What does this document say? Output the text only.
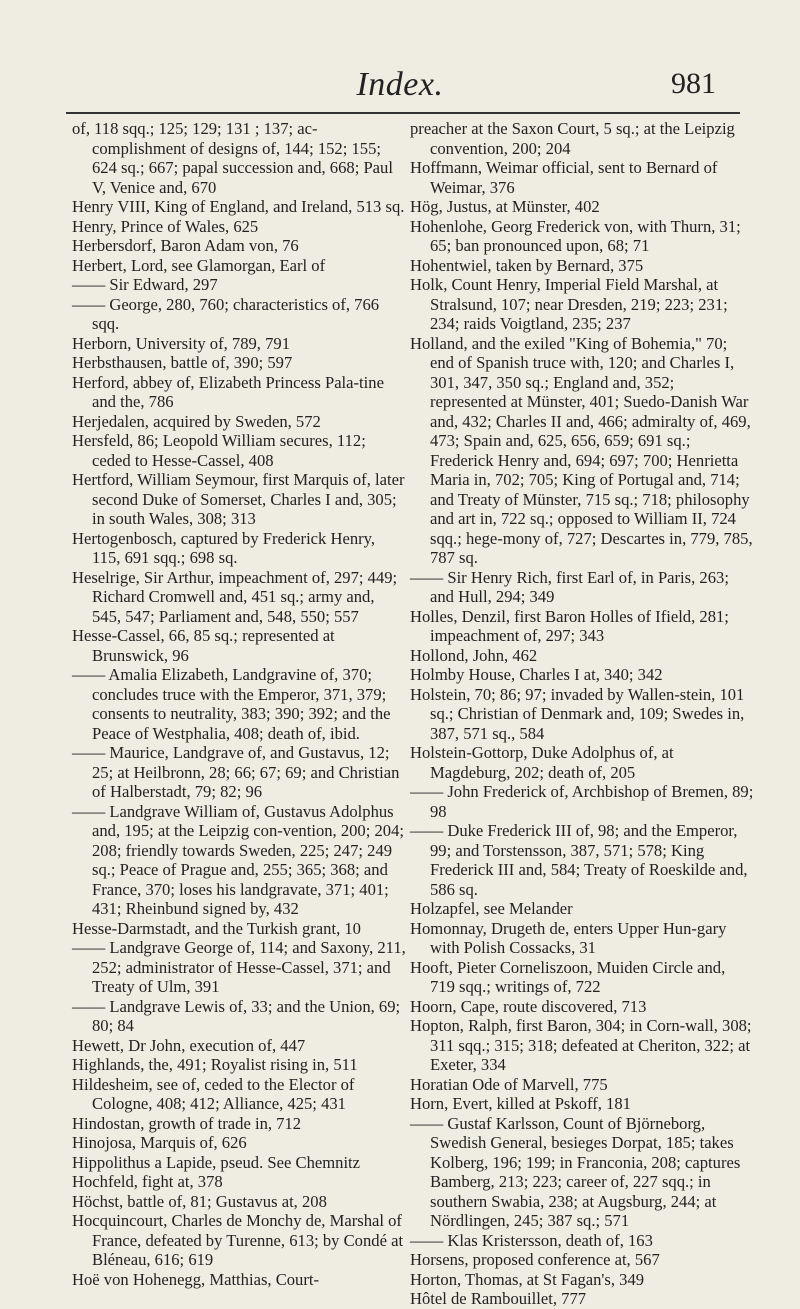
Index.	981

of, 118 sqq.; 125; 129; 131 ; 137; ac-complishment of designs of, 144; 152; 155; 624 sq.; 667; papal succession and, 668; Paul V, Venice and, 670

Henry VIII, King of England, and Ireland, 513 sq.

Henry, Prince of Wales, 625

Herbersdorf, Baron Adam von, 76

Herbert, Lord, see Glamorgan, Earl of

—— Sir Edward, 297

—— George, 280, 760; characteristics of, 766 sqq.

Herborn, University of, 789, 791

Herbsthausen, battle of, 390; 597

Herford, abbey of, Elizabeth Princess Pala-tine and the, 786

Herjedalen, acquired by Sweden, 572

Hersfeld, 86; Leopold William secures, 112; ceded to Hesse-Cassel, 408

Hertford, William Seymour, first Marquis of, later second Duke of Somerset, Charles I and, 305; in south Wales, 308; 313

Hertogenbosch, captured by Frederick Henry, 115, 691 sqq.; 698 sq.

Heselrige, Sir Arthur, impeachment of, 297; 449; Richard Cromwell and, 451 sq.; army and, 545, 547; Parliament and, 548, 550; 557

Hesse-Cassel, 66, 85 sq.; represented at Brunswick, 96

—— Amalia Elizabeth, Landgravine of, 370; concludes truce with the Emperor, 371, 379; consents to neutrality, 383; 390; 392; and the Peace of Westphalia, 408; death of, ibid.

—— Maurice, Landgrave of, and Gustavus, 12; 25; at Heilbronn, 28; 66; 67; 69; and Christian of Halberstadt, 79; 82; 96

—— Landgrave William of, Gustavus Adolphus and, 195; at the Leipzig con-vention, 200; 204; 208; friendly towards Sweden, 225; 247; 249 sq.; Peace of Prague and, 255; 365; 368; and France, 370; loses his landgravate, 371; 401; 431; Rheinbund signed by, 432

Hesse-Darmstadt, and the Turkish grant, 10

—— Landgrave George of, 114; and Saxony, 211, 252; administrator of Hesse-Cassel, 371; and Treaty of Ulm, 391

—— Landgrave Lewis of, 33; and the Union, 69; 80; 84

Hewett, Dr John, execution of, 447

Highlands, the, 491; Royalist rising in, 511

Hildesheim, see of, ceded to the Elector of Cologne, 408; 412; Alliance, 425; 431

Hindostan, growth of trade in, 712

Hinojosa, Marquis of, 626

Hippolithus a Lapide, pseud. See Chemnitz

Hochfeld, fight at, 378

Höchst, battle of, 81; Gustavus at, 208

Hocquincourt, Charles de Monchy de, Marshal of France, defeated by Turenne, 613; by Condé at Bléneau, 616; 619

Hoë von Hohenegg, Matthias, Court-

preacher at the Saxon Court, 5 sq.; at the Leipzig convention, 200; 204

Hoffmann, Weimar official, sent to Bernard of Weimar, 376

Hög, Justus, at Münster, 402

Hohenlohe, Georg Frederick von, with Thurn, 31; 65; ban pronounced upon, 68; 71

Hohentwiel, taken by Bernard, 375

Holk, Count Henry, Imperial Field Marshal, at Stralsund, 107; near Dresden, 219; 223; 231; 234; raids Voigtland, 235; 237

Holland, and the exiled "King of Bohemia," 70; end of Spanish truce with, 120; and Charles I, 301, 347, 350 sq.; England and, 352; represented at Münster, 401; Suedo-Danish War and, 432; Charles II and, 466; admiralty of, 469, 473; Spain and, 625, 656, 659; 691 sq.; Frederick Henry and, 694; 697; 700; Henrietta Maria in, 702; 705; King of Portugal and, 714; and Treaty of Münster, 715 sq.; 718; philosophy and art in, 722 sq.; opposed to William II, 724 sqq.; hege-mony of, 727; Descartes in, 779, 785, 787 sq.

—— Sir Henry Rich, first Earl of, in Paris, 263; and Hull, 294; 349

Holles, Denzil, first Baron Holles of Ifield, 281; impeachment of, 297; 343

Hollond, John, 462

Holmby House, Charles I at, 340; 342

Holstein, 70; 86; 97; invaded by Wallen-stein, 101 sq.; Christian of Denmark and, 109; Swedes in, 387, 571 sq., 584

Holstein-Gottorp, Duke Adolphus of, at Magdeburg, 202; death of, 205

—— John Frederick of, Archbishop of Bremen, 89; 98

—— Duke Frederick III of, 98; and the Emperor, 99; and Torstensson, 387, 571; 578; King Frederick III and, 584; Treaty of Roeskilde and, 586 sq.

Holzapfel, see Melander

Homonnay, Drugeth de, enters Upper Hun-gary with Polish Cossacks, 31

Hooft, Pieter Corneliszoon, Muiden Circle and, 719 sqq.; writings of, 722

Hoorn, Cape, route discovered, 713

Hopton, Ralph, first Baron, 304; in Corn-wall, 308; 311 sqq.; 315; 318; defeated at Cheriton, 322; at Exeter, 334

Horatian Ode of Marvell, 775

Horn, Evert, killed at Pskoff, 181

—— Gustaf Karlsson, Count of Björneborg, Swedish General, besieges Dorpat, 185; takes Kolberg, 196; 199; in Franconia, 208; captures Bamberg, 213; 223; career of, 227 sqq.; in southern Swabia, 238; at Augsburg, 244; at Nördlingen, 245; 387 sq.; 571

—— Klas Kristersson, death of, 163

Horsens, proposed conference at, 567

Horton, Thomas, at St Fagan's, 349

Hôtel de Rambouillet, 777
